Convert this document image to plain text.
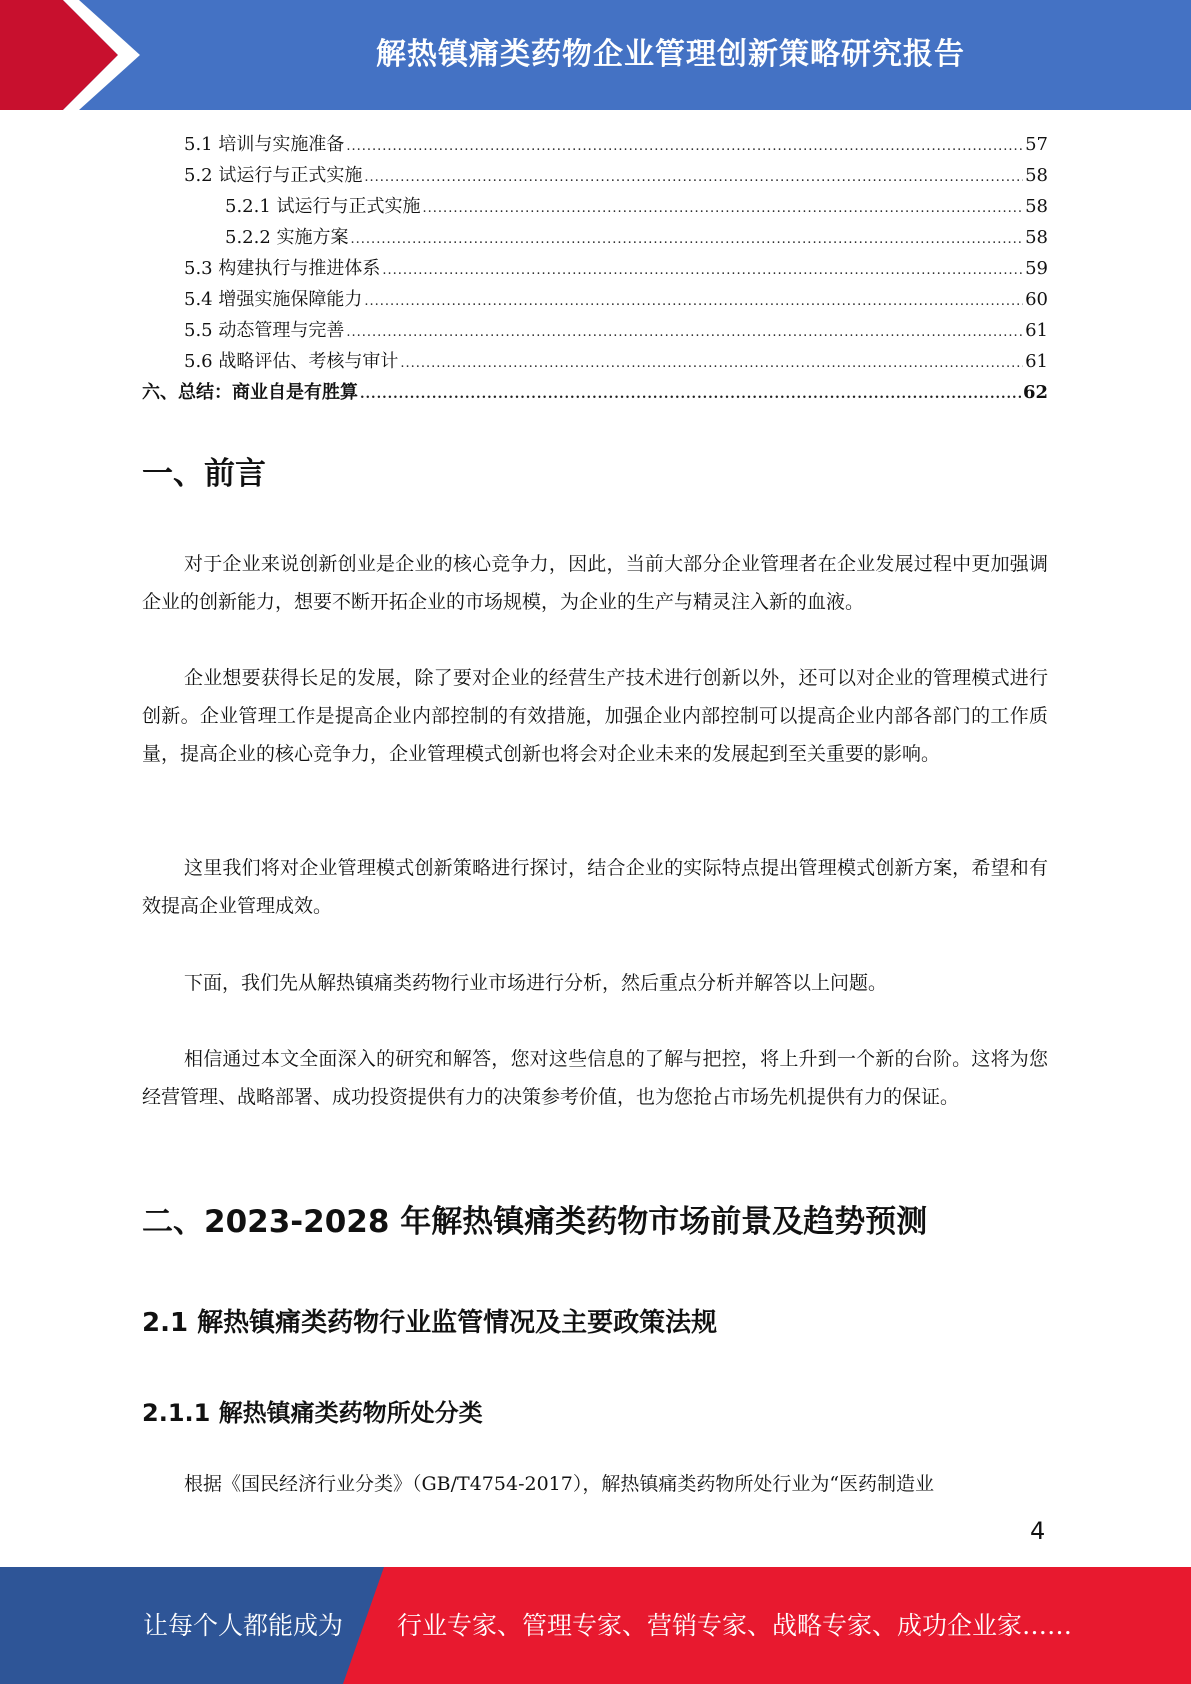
解热镇痛类药物企业管理创新策略研究报告
5.1 培训与实施准备 .....	57
5.2 试运行与正式实施 .....	58
5.2.1 试运行与正式实施 .....	58
5.2.2 实施方案 .....	58
5.3 构建执行与推进体系 .....	59
5.4 增强实施保障能力 .....	60
5.5 动态管理与完善 .....	61
5.6 战略评估、考核与审计 .....	61
六、总结：商业自是有胜算 .....	62
一、前言

对于企业来说创新创业是企业的核心竞争力，因此，当前大部分企业管理者在企业发展过程中更加强调企业的创新能力，想要不断开拓企业的市场规模，为企业的生产与精灵注入新的血液。

企业想要获得长足的发展，除了要对企业的经营生产技术进行创新以外，还可以对企业的管理模式进行创新。企业管理工作是提高企业内部控制的有效措施，加强企业内部控制可以提高企业内部各部门的工作质量，提高企业的核心竞争力，企业管理模式创新也将会对企业未来的发展起到至关重要的影响。

这里我们将对企业管理模式创新策略进行探讨，结合企业的实际特点提出管理模式创新方案，希望和有效提高企业管理成效。

下面，我们先从解热镇痛类药物行业市场进行分析，然后重点分析并解答以上问题。

相信通过本文全面深入的研究和解答，您对这些信息的了解与把控，将上升到一个新的台阶。这将为您经营管理、战略部署、成功投资提供有力的决策参考价值，也为您抢占市场先机提供有力的保证。

二、2023-2028 年解热镇痛类药物市场前景及趋势预测
2.1 解热镇痛类药物行业监管情况及主要政策法规
2.1.1 解热镇痛类药物所处分类

根据《国民经济行业分类》（GB/T4754-2017），解热镇痛类药物所处行业为“医药制造业

4
让每个人都能成为 行业专家、管理专家、营销专家、战略专家、成功企业家……
